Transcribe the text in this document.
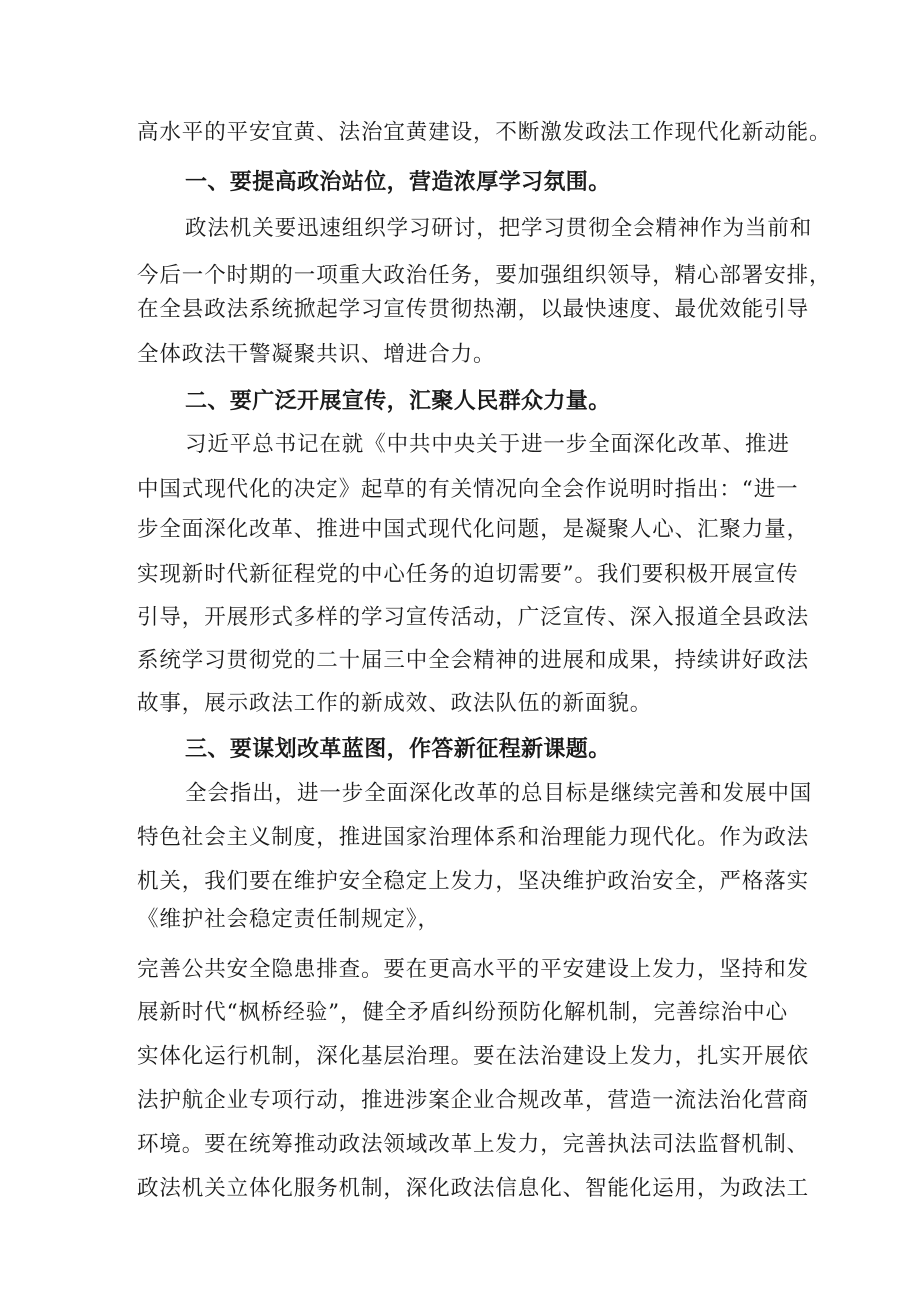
高水平的平安宜黄、法治宜黄建设，不断激发政法工作现代化新动能。
一、要提高政治站位，营造浓厚学习氛围。
政法机关要迅速组织学习研讨，把学习贯彻全会精神作为当前和
今后一个时期的一项重大政治任务，要加强组织领导，精心部署安排，
在全县政法系统掀起学习宣传贯彻热潮，以最快速度、最优效能引导
全体政法干警凝聚共识、增进合力。
二、要广泛开展宣传，汇聚人民群众力量。
习近平总书记在就《中共中央关于进一步全面深化改革、推进
中国式现代化的决定》起草的有关情况向全会作说明时指出：“进一
步全面深化改革、推进中国式现代化问题，是凝聚人心、汇聚力量，
实现新时代新征程党的中心任务的迫切需要”。我们要积极开展宣传
引导，开展形式多样的学习宣传活动，广泛宣传、深入报道全县政法
系统学习贯彻党的二十届三中全会精神的进展和成果，持续讲好政法
故事，展示政法工作的新成效、政法队伍的新面貌。
三、要谋划改革蓝图，作答新征程新课题。
全会指出，进一步全面深化改革的总目标是继续完善和发展中国
特色社会主义制度，推进国家治理体系和治理能力现代化。作为政法
机关，我们要在维护安全稳定上发力，坚决维护政治安全，严格落实
《维护社会稳定责任制规定》，
完善公共安全隐患排查。要在更高水平的平安建设上发力，坚持和发
展新时代“枫桥经验”，健全矛盾纠纷预防化解机制，完善综治中心
实体化运行机制，深化基层治理。要在法治建设上发力，扎实开展依
法护航企业专项行动，推进涉案企业合规改革，营造一流法治化营商
环境。要在统筹推动政法领域改革上发力，完善执法司法监督机制、
政法机关立体化服务机制，深化政法信息化、智能化运用，为政法工
